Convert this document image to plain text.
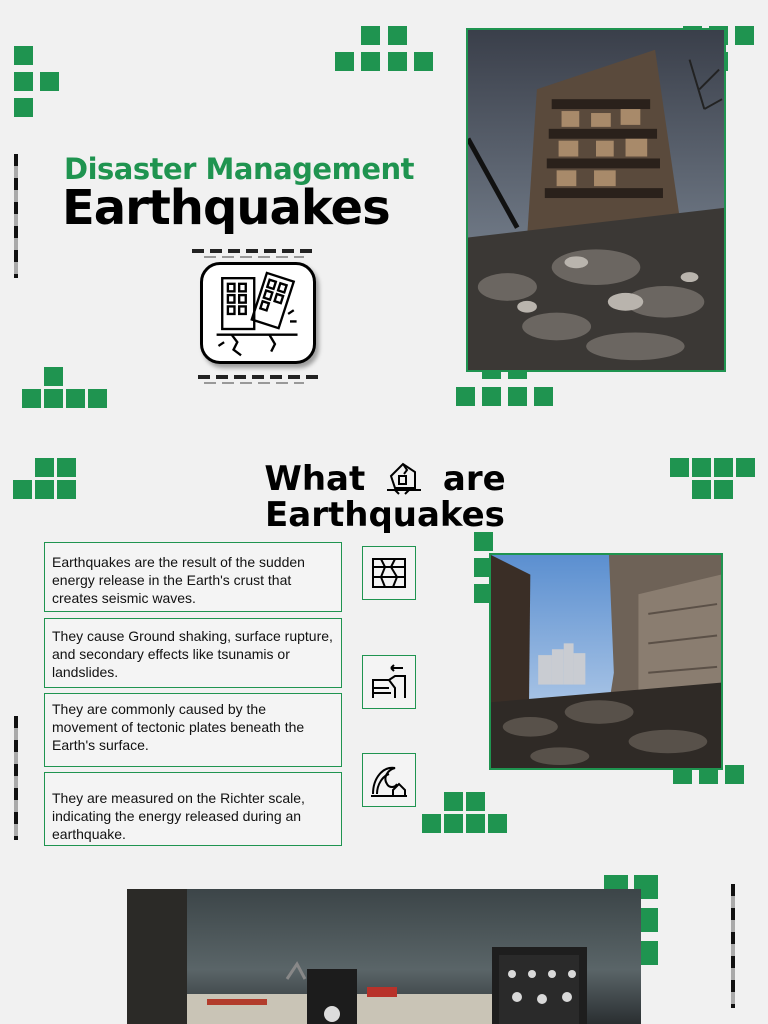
Disaster Management
Earthquakes
What are
Earthquakes
Earthquakes are the result of the sudden energy release in the Earth's crust that creates seismic waves.
They cause Ground shaking, surface rupture, and secondary effects like tsunamis or landslides.
They are commonly caused by the movement of tectonic plates beneath the Earth's surface.
They are measured on the Richter scale, indicating the energy released during an earthquake.
